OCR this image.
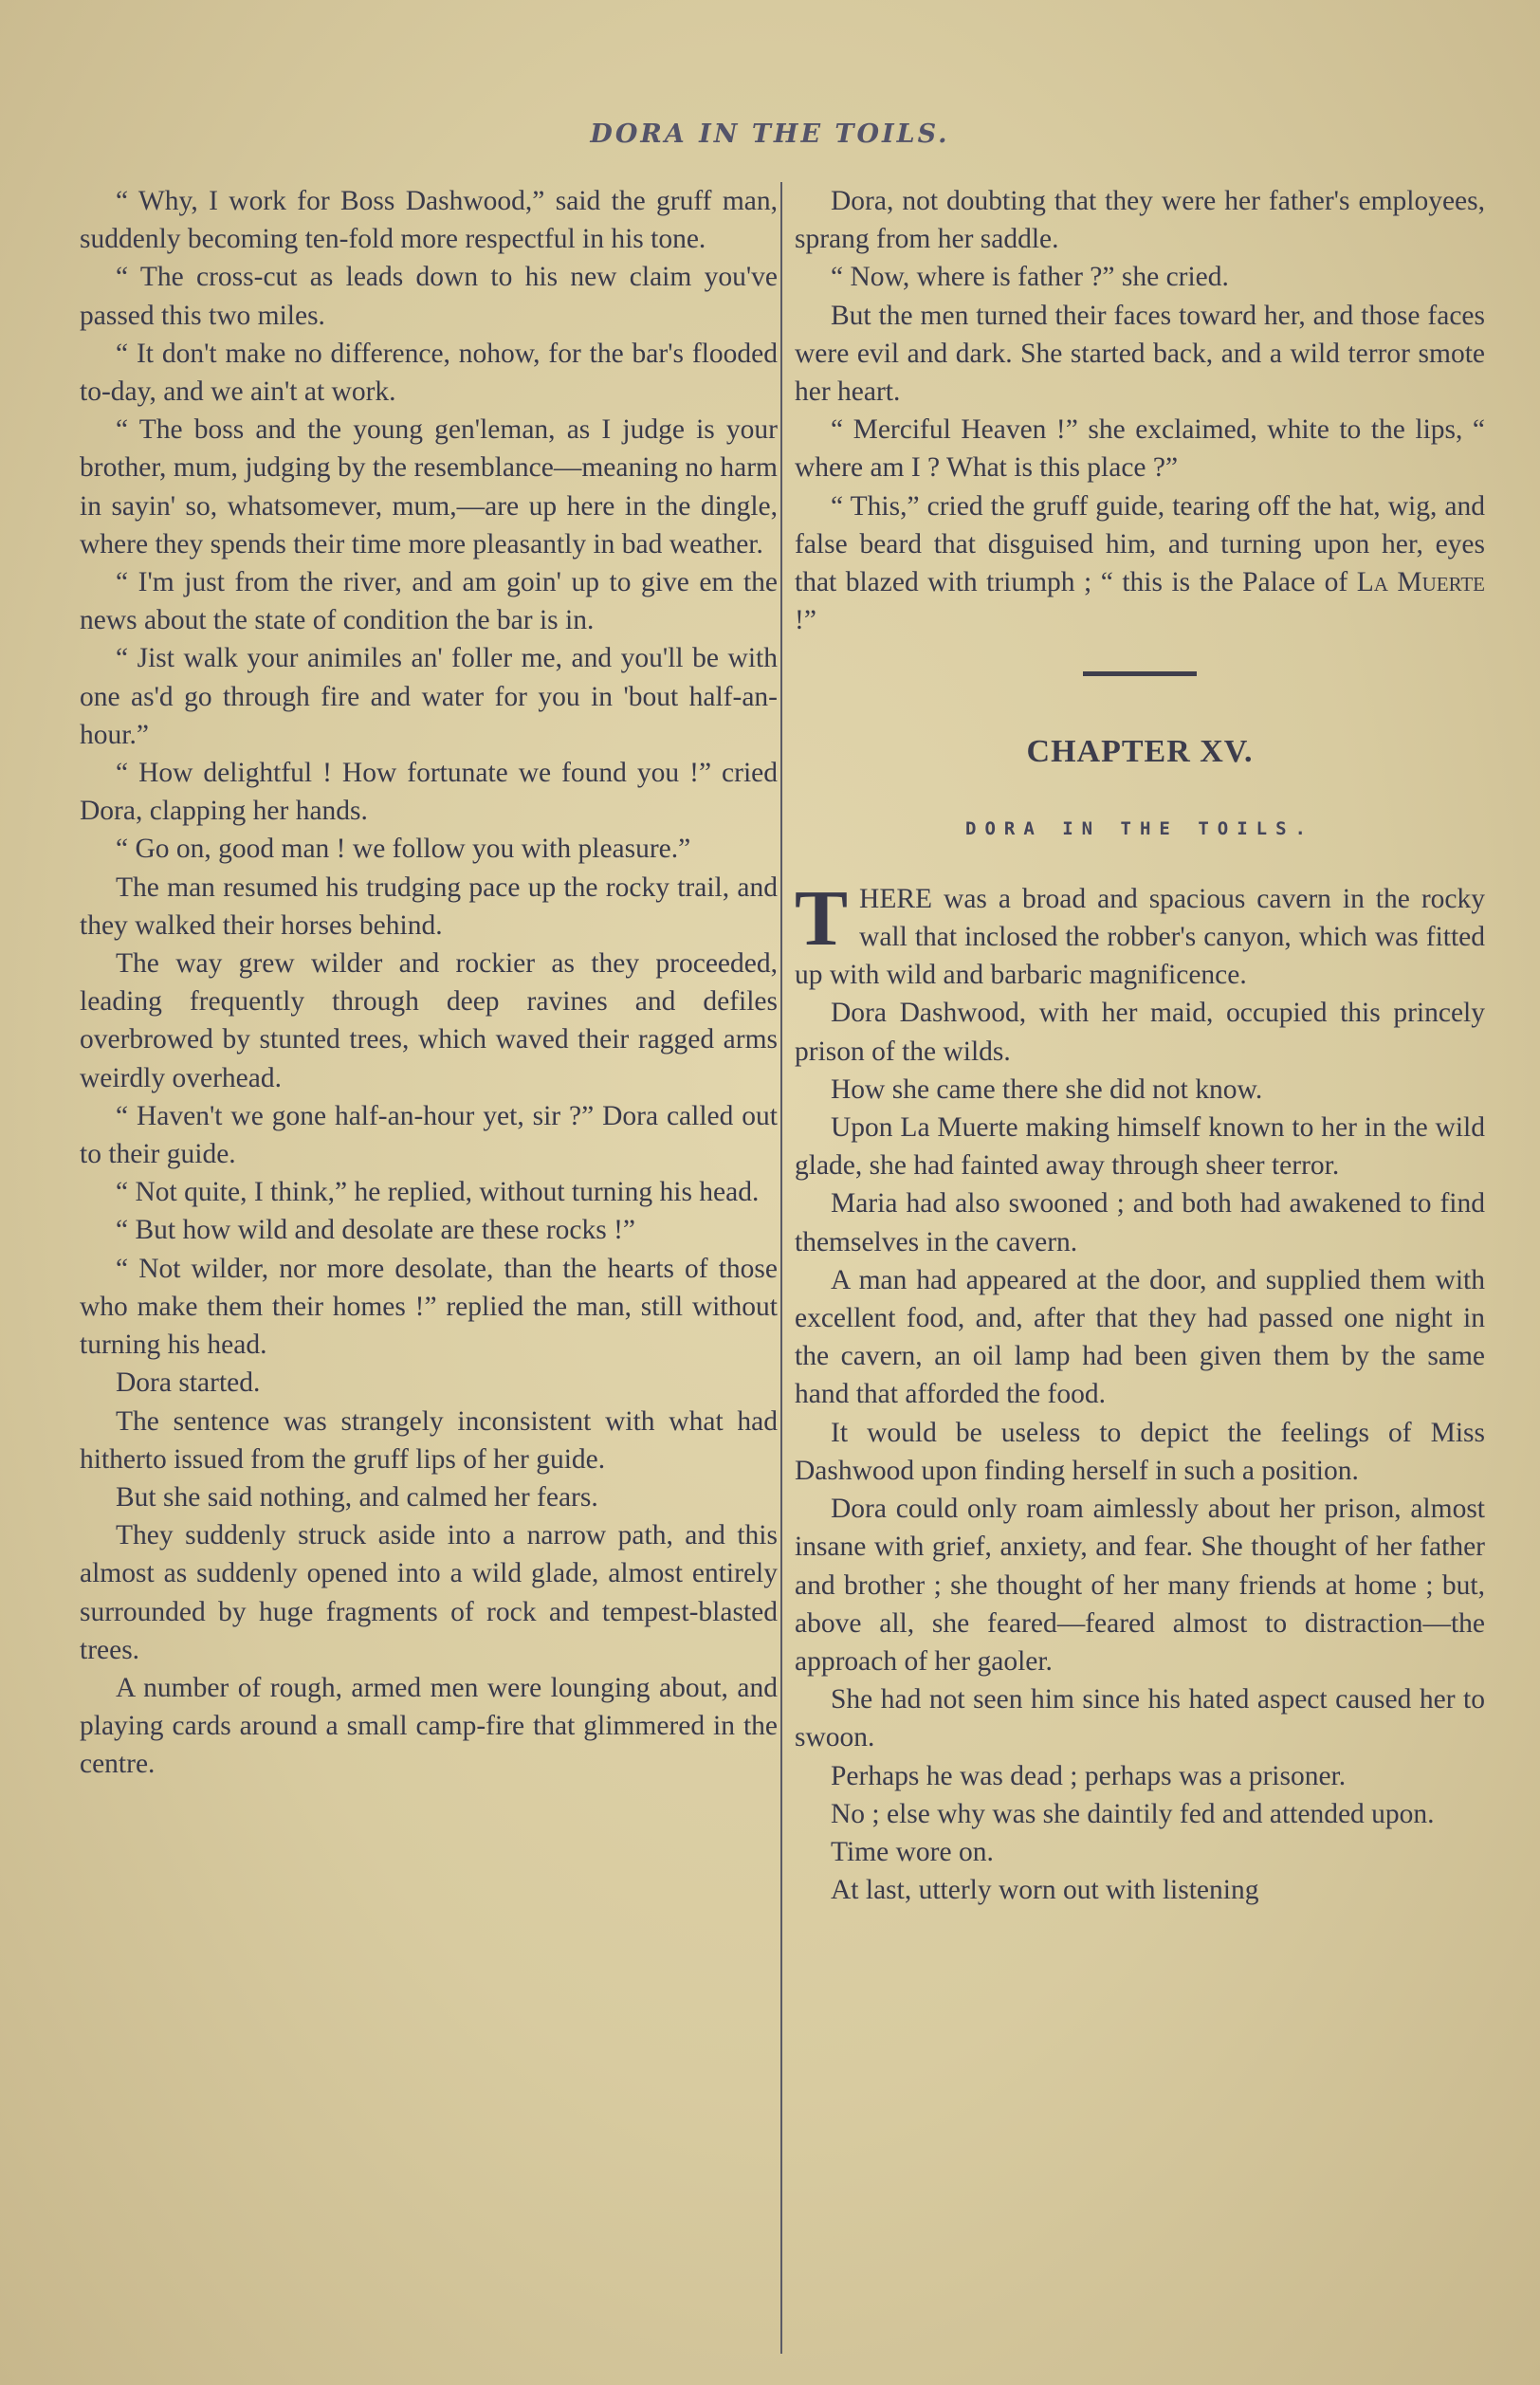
DORA IN THE TOILS.

“ Why, I work for Boss Dashwood,” said the gruff man, suddenly becoming ten-fold more respectful in his tone.

“ The cross-cut as leads down to his new claim you've passed this two miles.

“ It don't make no difference, nohow, for the bar's flooded to-day, and we ain't at work.

“ The boss and the young gen'leman, as I judge is your brother, mum, judging by the resemblance—meaning no harm in sayin' so, whatsomever, mum,—are up here in the dingle, where they spends their time more pleasantly in bad weather.

“ I'm just from the river, and am goin' up to give em the news about the state of condition the bar is in.

“ Jist walk your animiles an' foller me, and you'll be with one as'd go through fire and water for you in 'bout half-an-hour.”

“ How delightful ! How fortunate we found you !” cried Dora, clapping her hands.

“ Go on, good man ! we follow you with pleasure.”

The man resumed his trudging pace up the rocky trail, and they walked their horses behind.

The way grew wilder and rockier as they proceeded, leading frequently through deep ravines and defiles overbrowed by stunted trees, which waved their ragged arms weirdly overhead.

“ Haven't we gone half-an-hour yet, sir ?” Dora called out to their guide.

“ Not quite, I think,” he replied, without turning his head.

“ But how wild and desolate are these rocks !”

“ Not wilder, nor more desolate, than the hearts of those who make them their homes !” replied the man, still without turning his head.

Dora started.

The sentence was strangely inconsistent with what had hitherto issued from the gruff lips of her guide.

But she said nothing, and calmed her fears.

They suddenly struck aside into a narrow path, and this almost as suddenly opened into a wild glade, almost entirely surrounded by huge fragments of rock and tempest-blasted trees.

A number of rough, armed men were lounging about, and playing cards around a small camp-fire that glimmered in the centre.

Dora, not doubting that they were her father's employees, sprang from her saddle.

“ Now, where is father ?” she cried.

But the men turned their faces toward her, and those faces were evil and dark. She started back, and a wild terror smote her heart.

“ Merciful Heaven !” she exclaimed, white to the lips, “ where am I ? What is this place ?”

“ This,” cried the gruff guide, tearing off the hat, wig, and false beard that disguised him, and turning upon her, eyes that blazed with triumph ; “ this is the Palace of La Muerte !”

CHAPTER XV.
DORA IN THE TOILS.

THERE was a broad and spacious cavern in the rocky wall that inclosed the robber's canyon, which was fitted up with wild and barbaric magnificence.

Dora Dashwood, with her maid, occupied this princely prison of the wilds.

How she came there she did not know.

Upon La Muerte making himself known to her in the wild glade, she had fainted away through sheer terror.

Maria had also swooned ; and both had awakened to find themselves in the cavern.

A man had appeared at the door, and supplied them with excellent food, and, after that they had passed one night in the cavern, an oil lamp had been given them by the same hand that afforded the food.

It would be useless to depict the feelings of Miss Dashwood upon finding herself in such a position.

Dora could only roam aimlessly about her prison, almost insane with grief, anxiety, and fear. She thought of her father and brother ; she thought of her many friends at home ; but, above all, she feared—feared almost to distraction—the approach of her gaoler.

She had not seen him since his hated aspect caused her to swoon.

Perhaps he was dead ; perhaps was a prisoner.

No ; else why was she daintily fed and attended upon.

Time wore on.

At last, utterly worn out with listening
